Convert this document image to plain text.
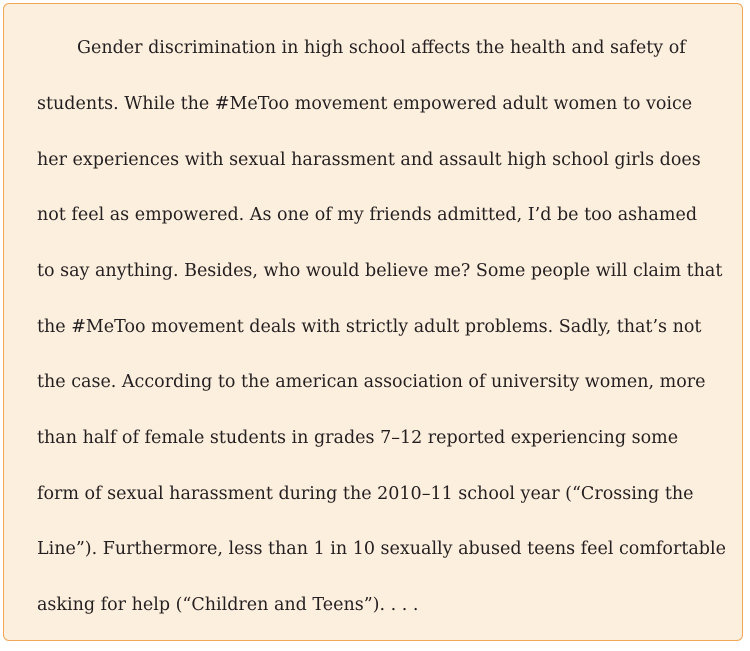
Gender discrimination in high school affects the health and safety of

students. While the #MeToo movement empowered adult women to voice

her experiences with sexual harassment and assault high school girls does

not feel as empowered. As one of my friends admitted, I’d be too ashamed

to say anything. Besides, who would believe me? Some people will claim that

the #MeToo movement deals with strictly adult problems. Sadly, that’s not

the case. According to the american association of university women, more

than half of female students in grades 7–12 reported experiencing some

form of sexual harassment during the 2010–11 school year (“Crossing the

Line”). Furthermore, less than 1 in 10 sexually abused teens feel comfortable

asking for help (“Children and Teens”). . . .
